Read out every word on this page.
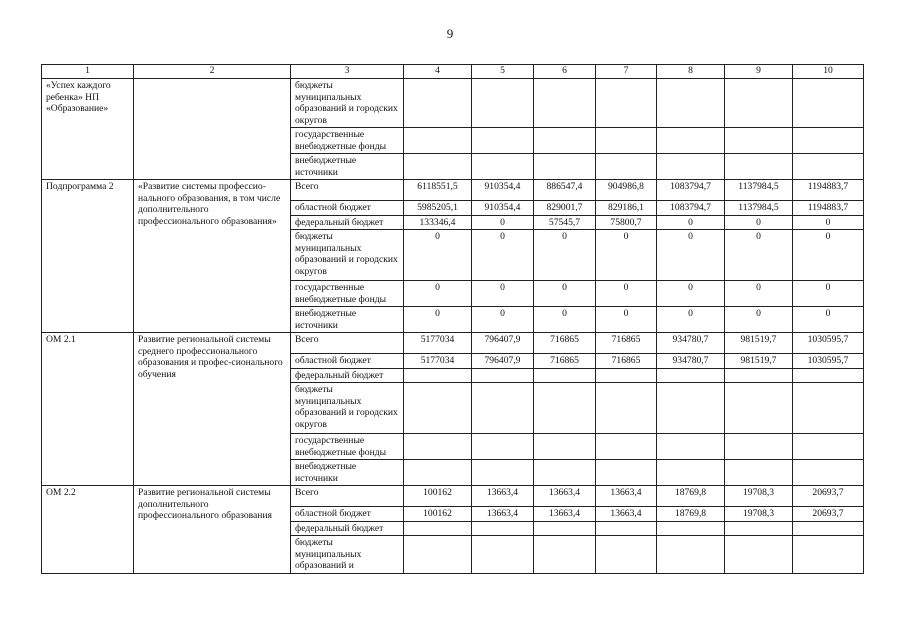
9
1	2	3	4	5	6	7	8	9	10
«Успех каждого ребенка» НП «Образование»		бюджеты муниципальных образований и городских округов							
		государственные внебюджетные фонды							
		внебюджетные источники							
Подпрограмма 2	«Развитие системы профессио-нального образования, в том числе дополнительного профессионального образования»	Всего	6118551,5	910354,4	886547,4	904986,8	1083794,7	1137984,5	1194883,7
		областной бюджет	5985205,1	910354,4	829001,7	829186,1	1083794,7	1137984,5	1194883,7
		федеральный бюджет	133346,4	0	57545,7	75800,7	0	0	0
		бюджеты муниципальных образований и городских округов	0	0	0	0	0	0	0
		государственные внебюджетные фонды	0	0	0	0	0	0	0
		внебюджетные источники	0	0	0	0	0	0	0
ОМ 2.1	Развитие региональной системы среднего профессионального образования и профес-сионального обучения	Всего	5177034	796407,9	716865	716865	934780,7	981519,7	1030595,7
		областной бюджет	5177034	796407,9	716865	716865	934780,7	981519,7	1030595,7
		федеральный бюджет							
		бюджеты муниципальных образований и городских округов							
		государственные внебюджетные фонды							
		внебюджетные источники							
ОМ 2.2	Развитие региональной системы дополнительного профессионального образования	Всего	100162	13663,4	13663,4	13663,4	18769,8	19708,3	20693,7
		областной бюджет	100162	13663,4	13663,4	13663,4	18769,8	19708,3	20693,7
		федеральный бюджет							
		бюджеты муниципальных образований и							
